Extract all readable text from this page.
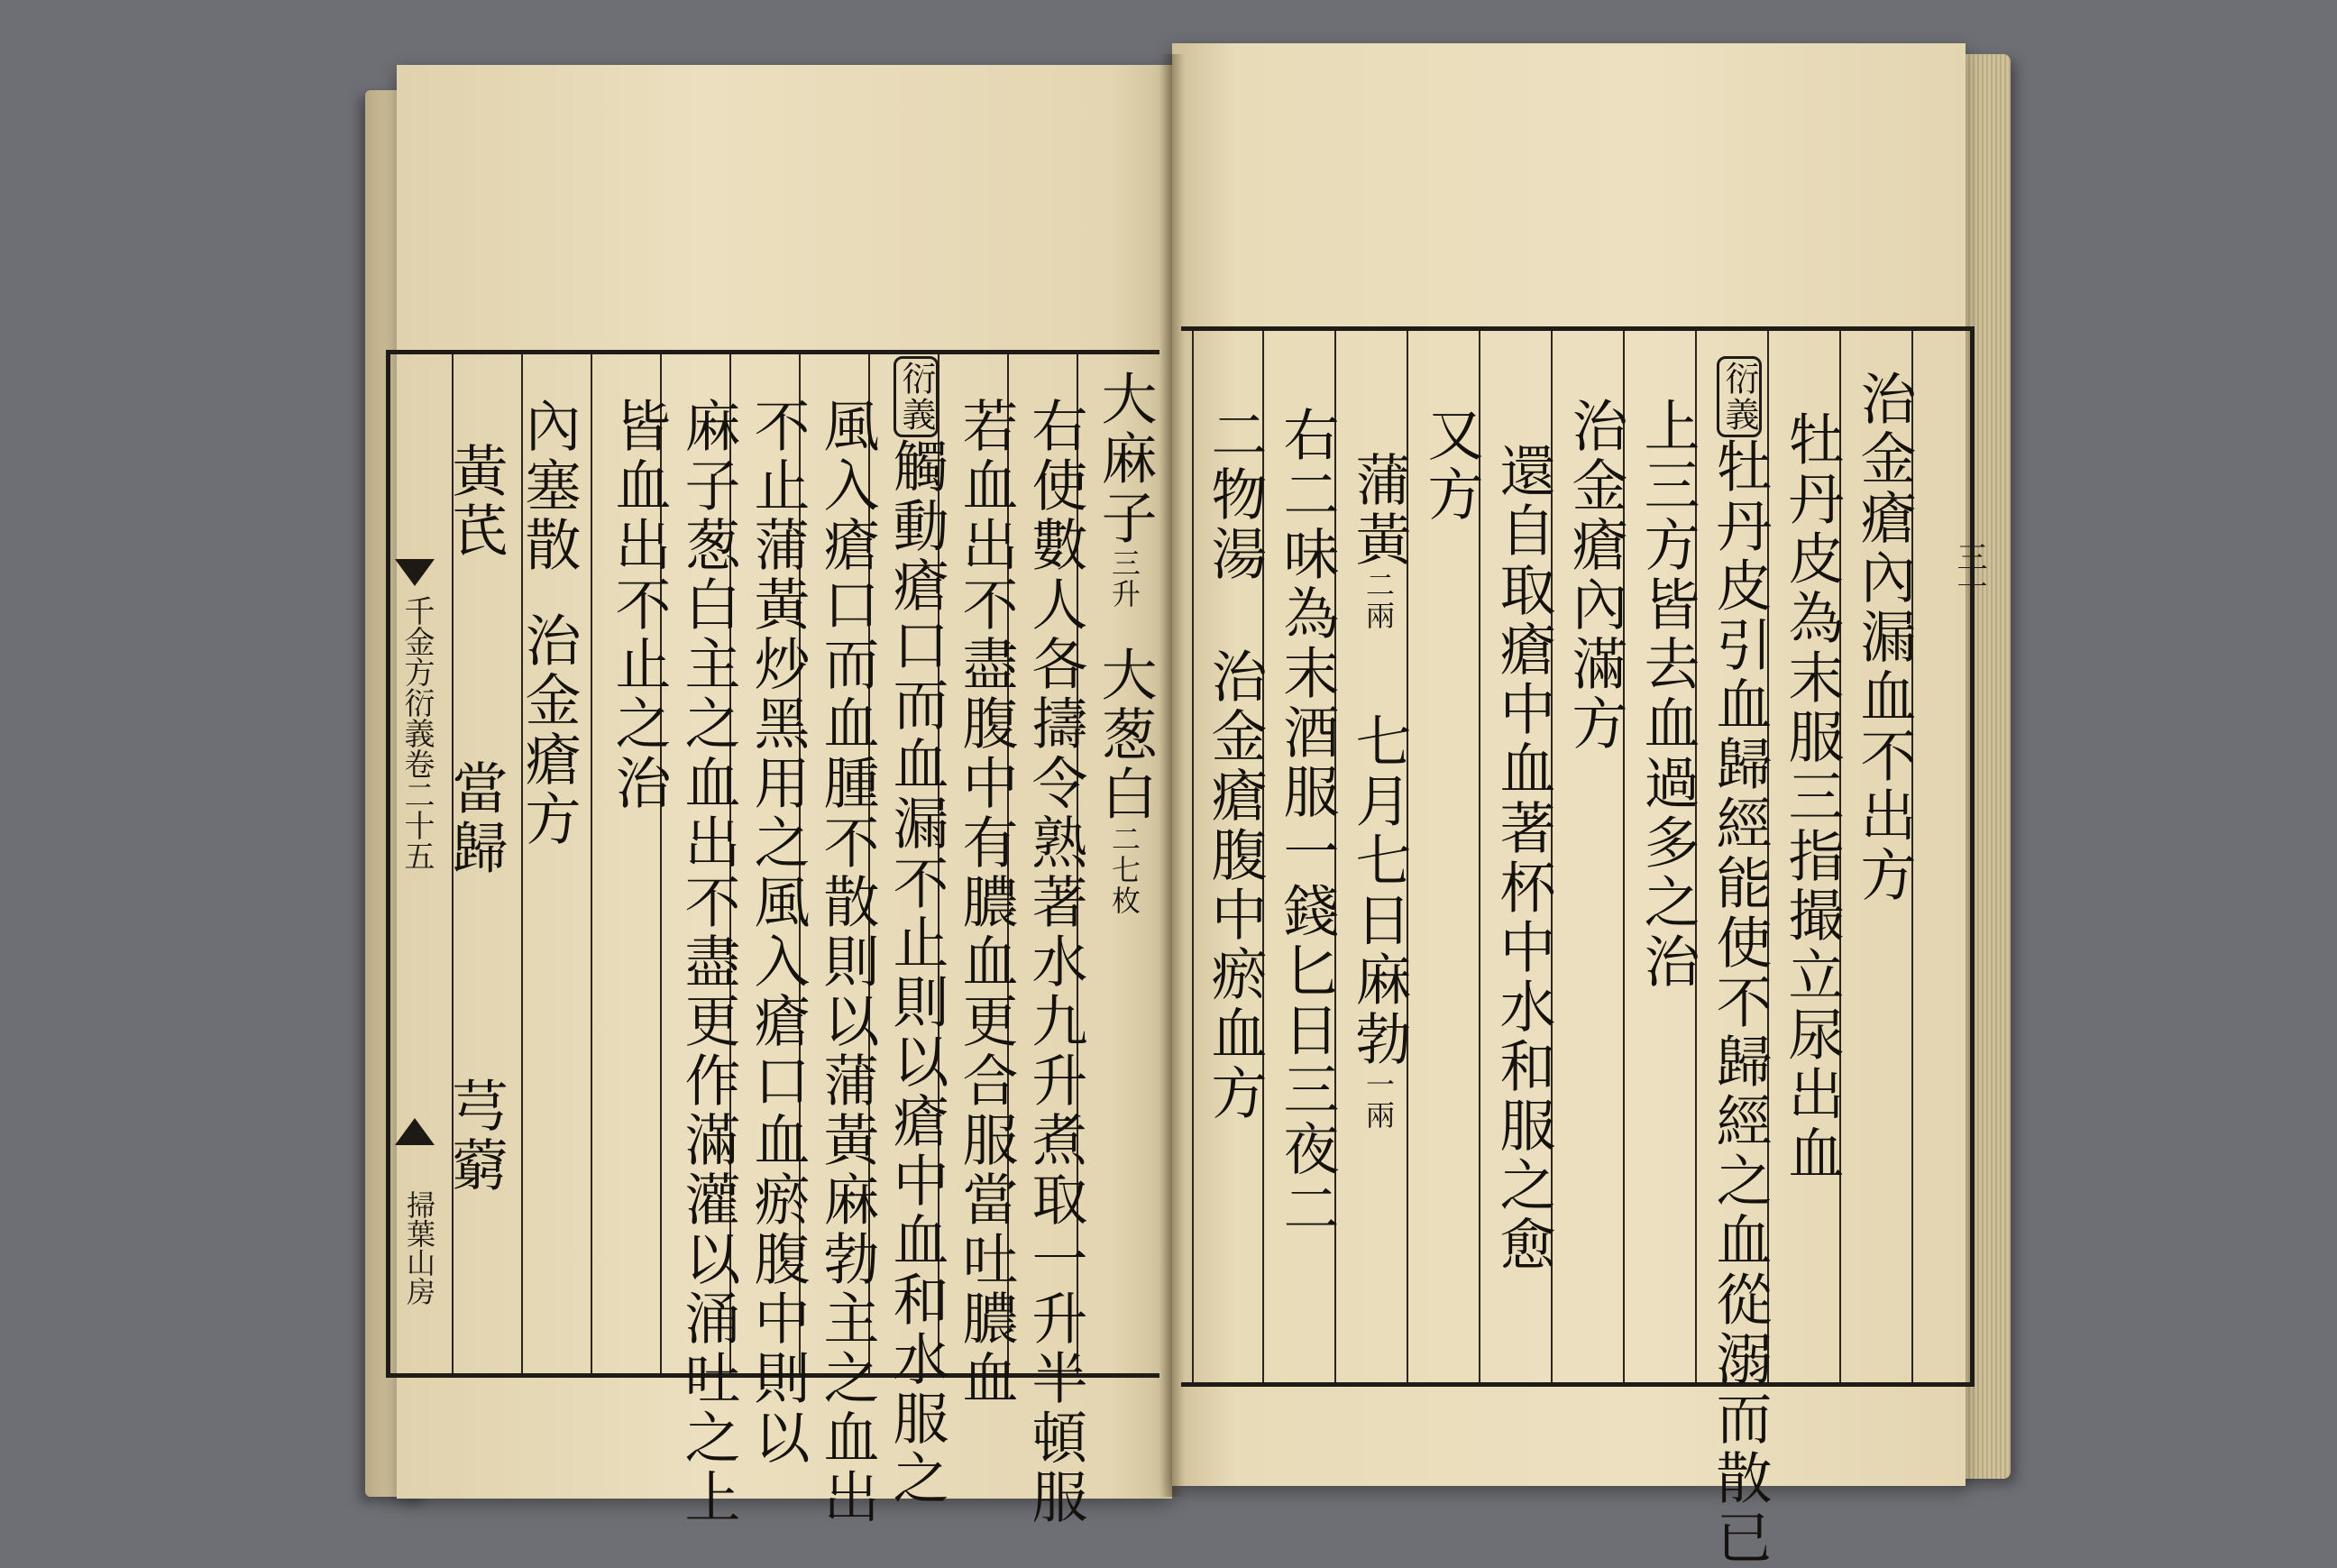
大麻子三升大葱白二七枚
右使數人各擣令熟著水九升煮取一升半頓服
若血出不盡腹中有膿血更合服當吐膿血
衍義觸動瘡口而血漏不止則以瘡中血和水服之
風入瘡口而血腫不散則以蒲黃麻勃主之血出
不止蒲黃炒黑用之風入瘡口血瘀腹中則以
麻子葱白主之血出不盡更作滿灌以涌吐之上
皆血出不止之治
內塞散治金瘡方
黃芪當歸芎藭
千金方衍義卷二十五
掃葉山房
治金瘡內漏血不出方
牡丹皮為末服三指撮立尿出血
衍義牡丹皮引血歸經能使不歸經之血從溺而散已
上三方皆去血過多之治
治金瘡內滿方
還自取瘡中血著杯中水和服之愈
又方
蒲黃二兩七月七日麻勃一兩
右二味為末酒服一錢匕日三夜二
二物湯治金瘡腹中瘀血方
三十
